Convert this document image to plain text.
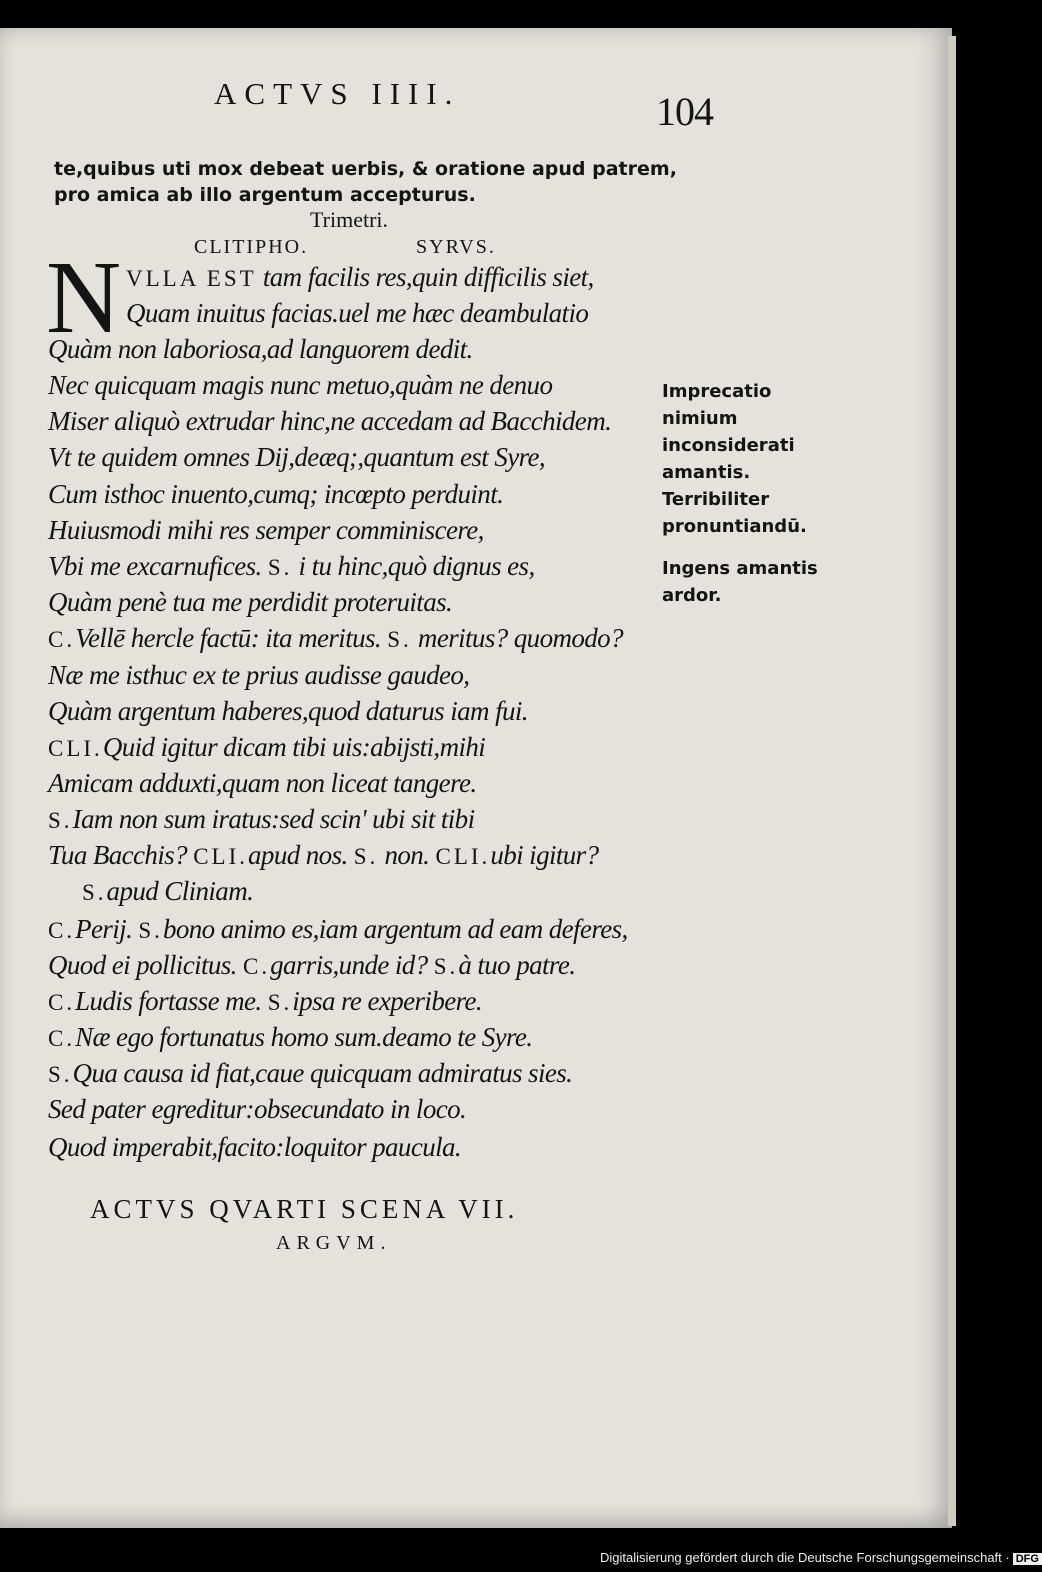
ACTVS IIII.	104
te,quibus uti mox debeat uerbis, & oratione apud patrem,
pro amica ab illo argentum accepturus.
Trimetri.
CLITIPHO.	SYRVS.
N VLLA EST tam facilis res,quin difficilis siet,
Quam inuitus facias.uel me hæc deambulatio
Quàm non laboriosa,ad languorem dedit.
Nec quicquam magis nunc metuo,quàm ne denuo
Miser aliquò extrudar hinc,ne accedam ad Bacchidem.
Vt te quidem omnes Dij,deæq;,quantum est Syre,
Cum isthoc inuento,cumq; incœpto perduint.
Huiusmodi mihi res semper comminiscere,
Vbi me excarnufices. S. i tu hinc,quò dignus es,
Quàm penè tua me perdidit proteruitas.
C.Vellē hercle factū: ita meritus. S. meritus? quomodo?
Næ me isthuc ex te prius audisse gaudeo,
Quàm argentum haberes,quod daturus iam fui.
CLI.Quid igitur dicam tibi uis:abijsti,mihi
Amicam adduxti,quam non liceat tangere.
S.Iam non sum iratus:sed scin' ubi sit tibi
Tua Bacchis? CLI.apud nos. S. non. CLI.ubi igitur?
S.apud Cliniam.
C.Perij. S.bono animo es,iam argentum ad eam deferes,
Quod ei pollicitus. C.garris,unde id? S.à tuo patre.
C.Ludis fortasse me. S.ipsa re experibere.
C.Næ ego fortunatus homo sum.deamo te Syre.
S.Qua causa id fiat,caue quicquam admiratus sies.
Sed pater egreditur:obsecundato in loco.
Quod imperabit,facito:loquitor paucula.
Imprecatio nimium inconsiderati amantis. Terribiliter pronuntiandū.
Ingens amantis ardor.
ACTVS QVARTI SCENA VII.
ARGVM.
Digitalisierung gefördert durch die Deutsche Forschungsgemeinschaft · DFG
